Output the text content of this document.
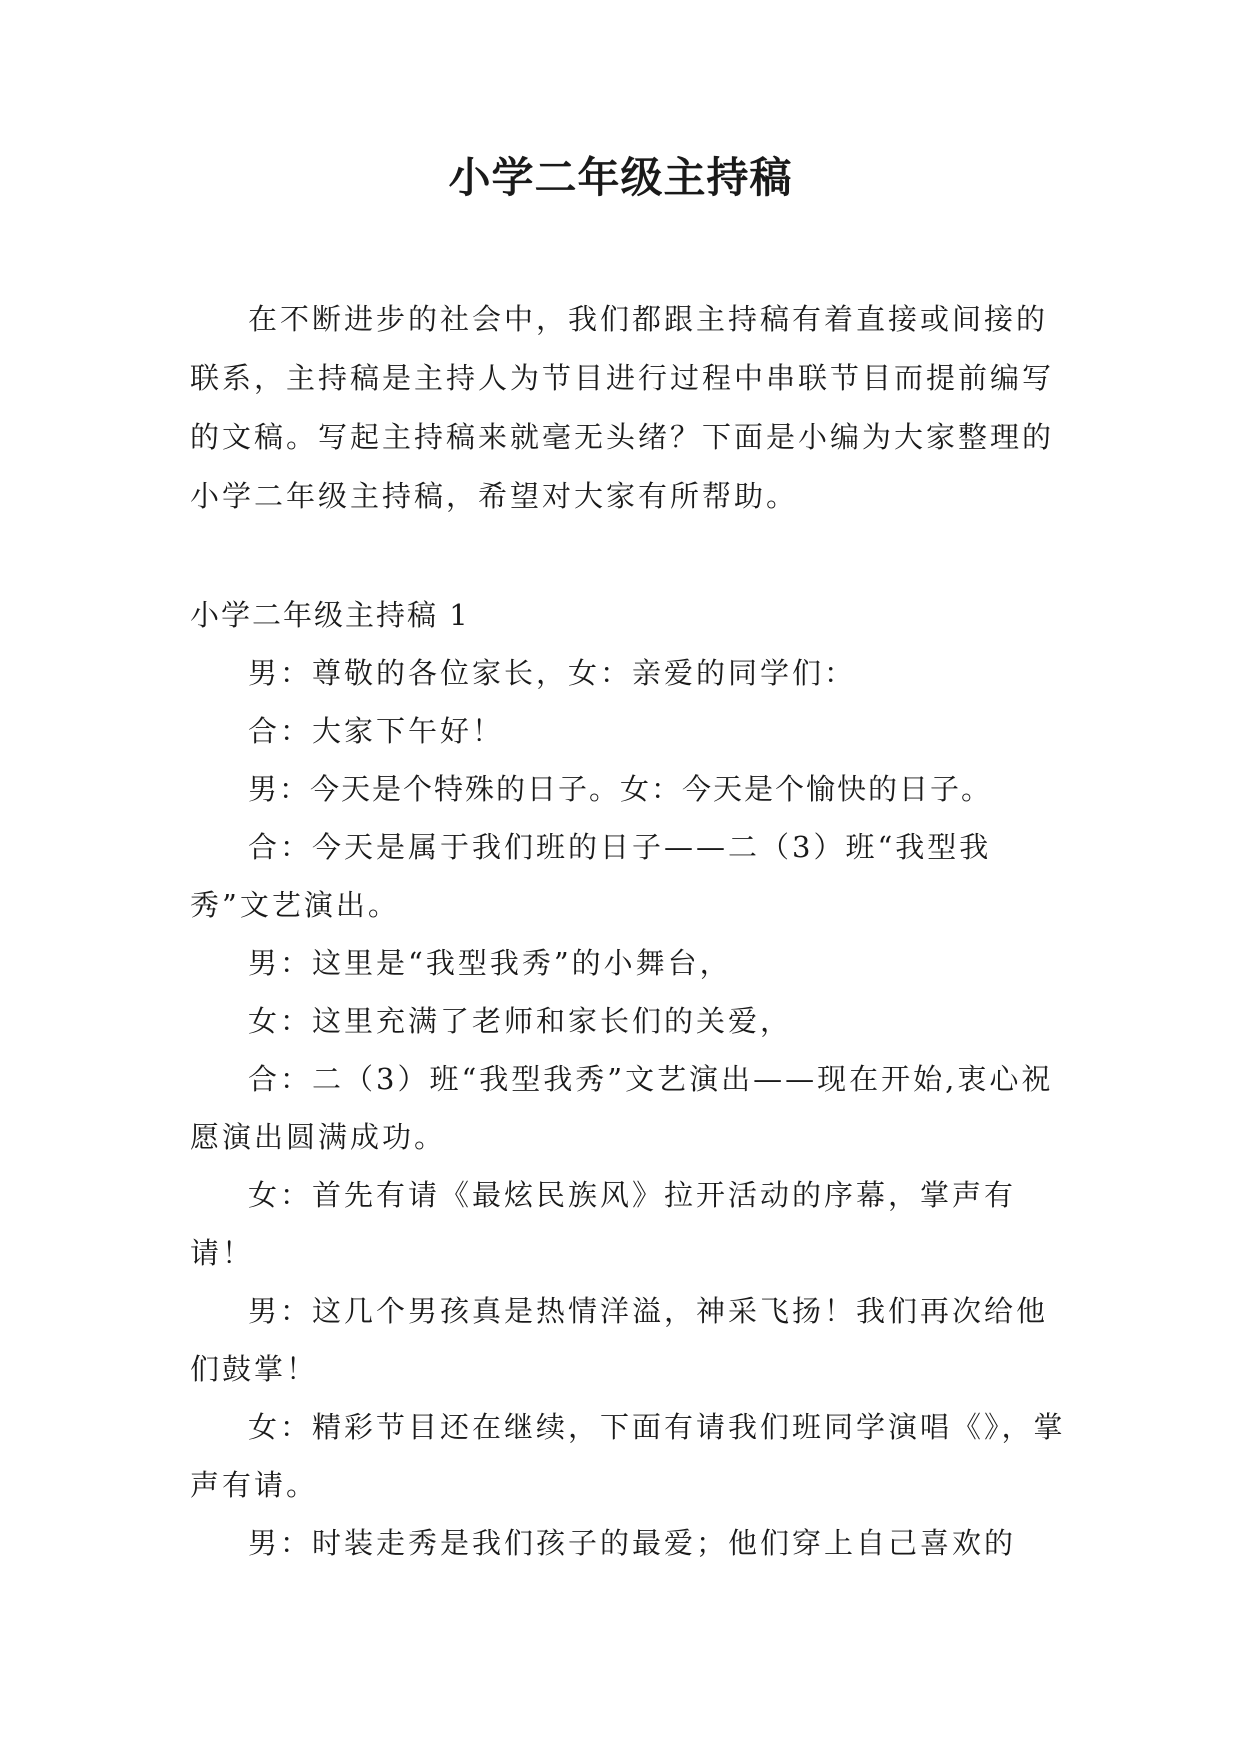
小学二年级主持稿

在不断进步的社会中，我们都跟主持稿有着直接或间接的联系，主持稿是主持人为节目进行过程中串联节目而提前编写的文稿。写起主持稿来就毫无头绪？下面是小编为大家整理的小学二年级主持稿，希望对大家有所帮助。

小学二年级主持稿 1

男：尊敬的各位家长，女：亲爱的同学们：

合：大家下午好！

男：今天是个特殊的日子。女：今天是个愉快的日子。

合：今天是属于我们班的日子——二（3）班“我型我秀”文艺演出。

男：这里是“我型我秀”的小舞台，

女：这里充满了老师和家长们的关爱，

合：二（3）班“我型我秀”文艺演出——现在开始,衷心祝愿演出圆满成功。

女：首先有请《最炫民族风》拉开活动的序幕，掌声有请！

男：这几个男孩真是热情洋溢，神采飞扬！我们再次给他们鼓掌！

女：精彩节目还在继续，下面有请我们班同学演唱《》，掌声有请。

男：时装走秀是我们孩子的最爱；他们穿上自己喜欢的
